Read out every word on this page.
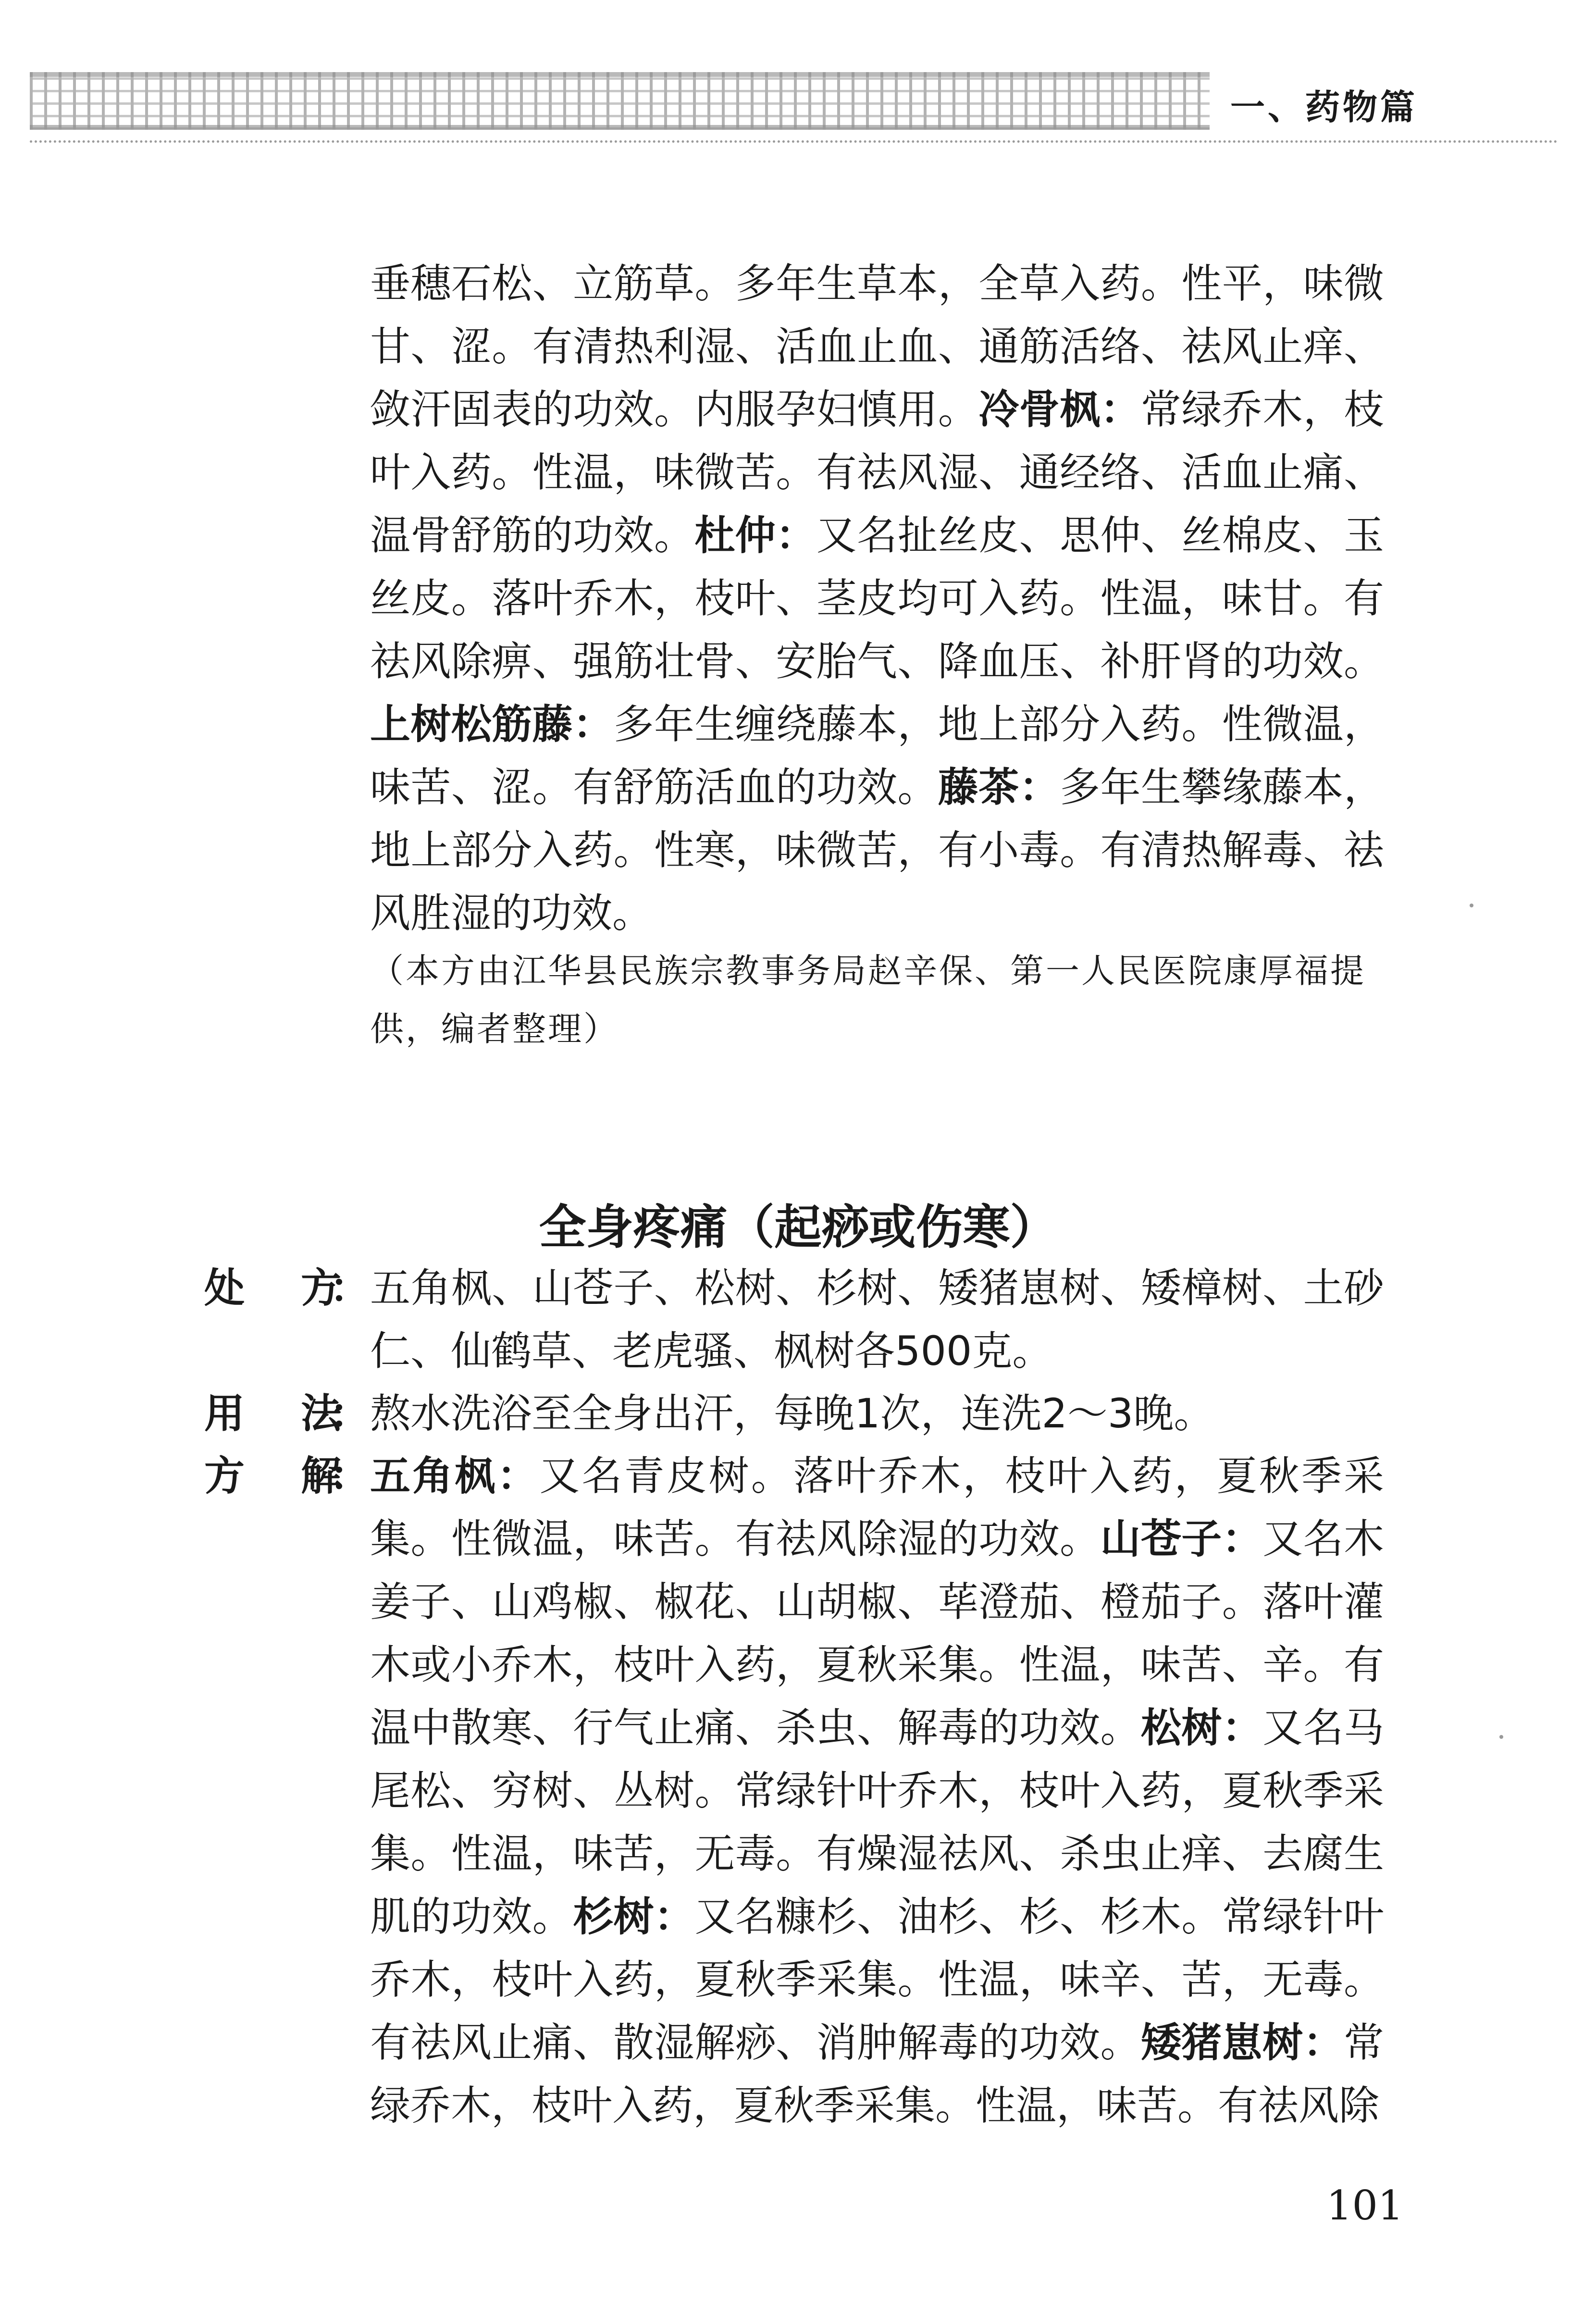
一、药物篇
垂穗石松、立筋草。多年生草本，全草入药。性平，味微甘、涩。有清热利湿、活血止血、通筋活络、祛风止痒、敛汗固表的功效。内服孕妇慎用。冷骨枫：常绿乔木，枝叶入药。性温，味微苦。有祛风湿、通经络、活血止痛、温骨舒筋的功效。杜仲：又名扯丝皮、思仲、丝棉皮、玉丝皮。落叶乔木，枝叶、茎皮均可入药。性温，味甘。有祛风除痹、强筋壮骨、安胎气、降血压、补肝肾的功效。上树松筋藤：多年生缠绕藤本，地上部分入药。性微温，味苦、涩。有舒筋活血的功效。藤茶：多年生攀缘藤本，地上部分入药。性寒，味微苦，有小毒。有清热解毒、祛风胜湿的功效。
（本方由江华县民族宗教事务局赵辛保、第一人民医院康厚福提供，编者整理）
全身疼痛（起痧或伤寒）
处 方
： 五角枫、山苍子、松树、杉树、矮猪崽树、矮樟树、土砂仁、仙鹤草、老虎骚、枫树各500克。
用 法
： 熬水洗浴至全身出汗，每晚1次，连洗2～3晚。
方 解
： 五角枫：又名青皮树。落叶乔木，枝叶入药，夏秋季采集。性微温，味苦。有祛风除湿的功效。山苍子：又名木姜子、山鸡椒、椒花、山胡椒、荜澄茄、橙茄子。落叶灌木或小乔木，枝叶入药，夏秋采集。性温，味苦、辛。有温中散寒、行气止痛、杀虫、解毒的功效。松树：又名马尾松、穷树、丛树。常绿针叶乔木，枝叶入药，夏秋季采集。性温，味苦，无毒。有燥湿祛风、杀虫止痒、去腐生肌的功效。杉树：又名糠杉、油杉、杉、杉木。常绿针叶乔木，枝叶入药，夏秋季采集。性温，味辛、苦，无毒。有祛风止痛、散湿解痧、消肿解毒的功效。矮猪崽树：常绿乔木，枝叶入药，夏秋季采集。性温，味苦。有祛风除
101
